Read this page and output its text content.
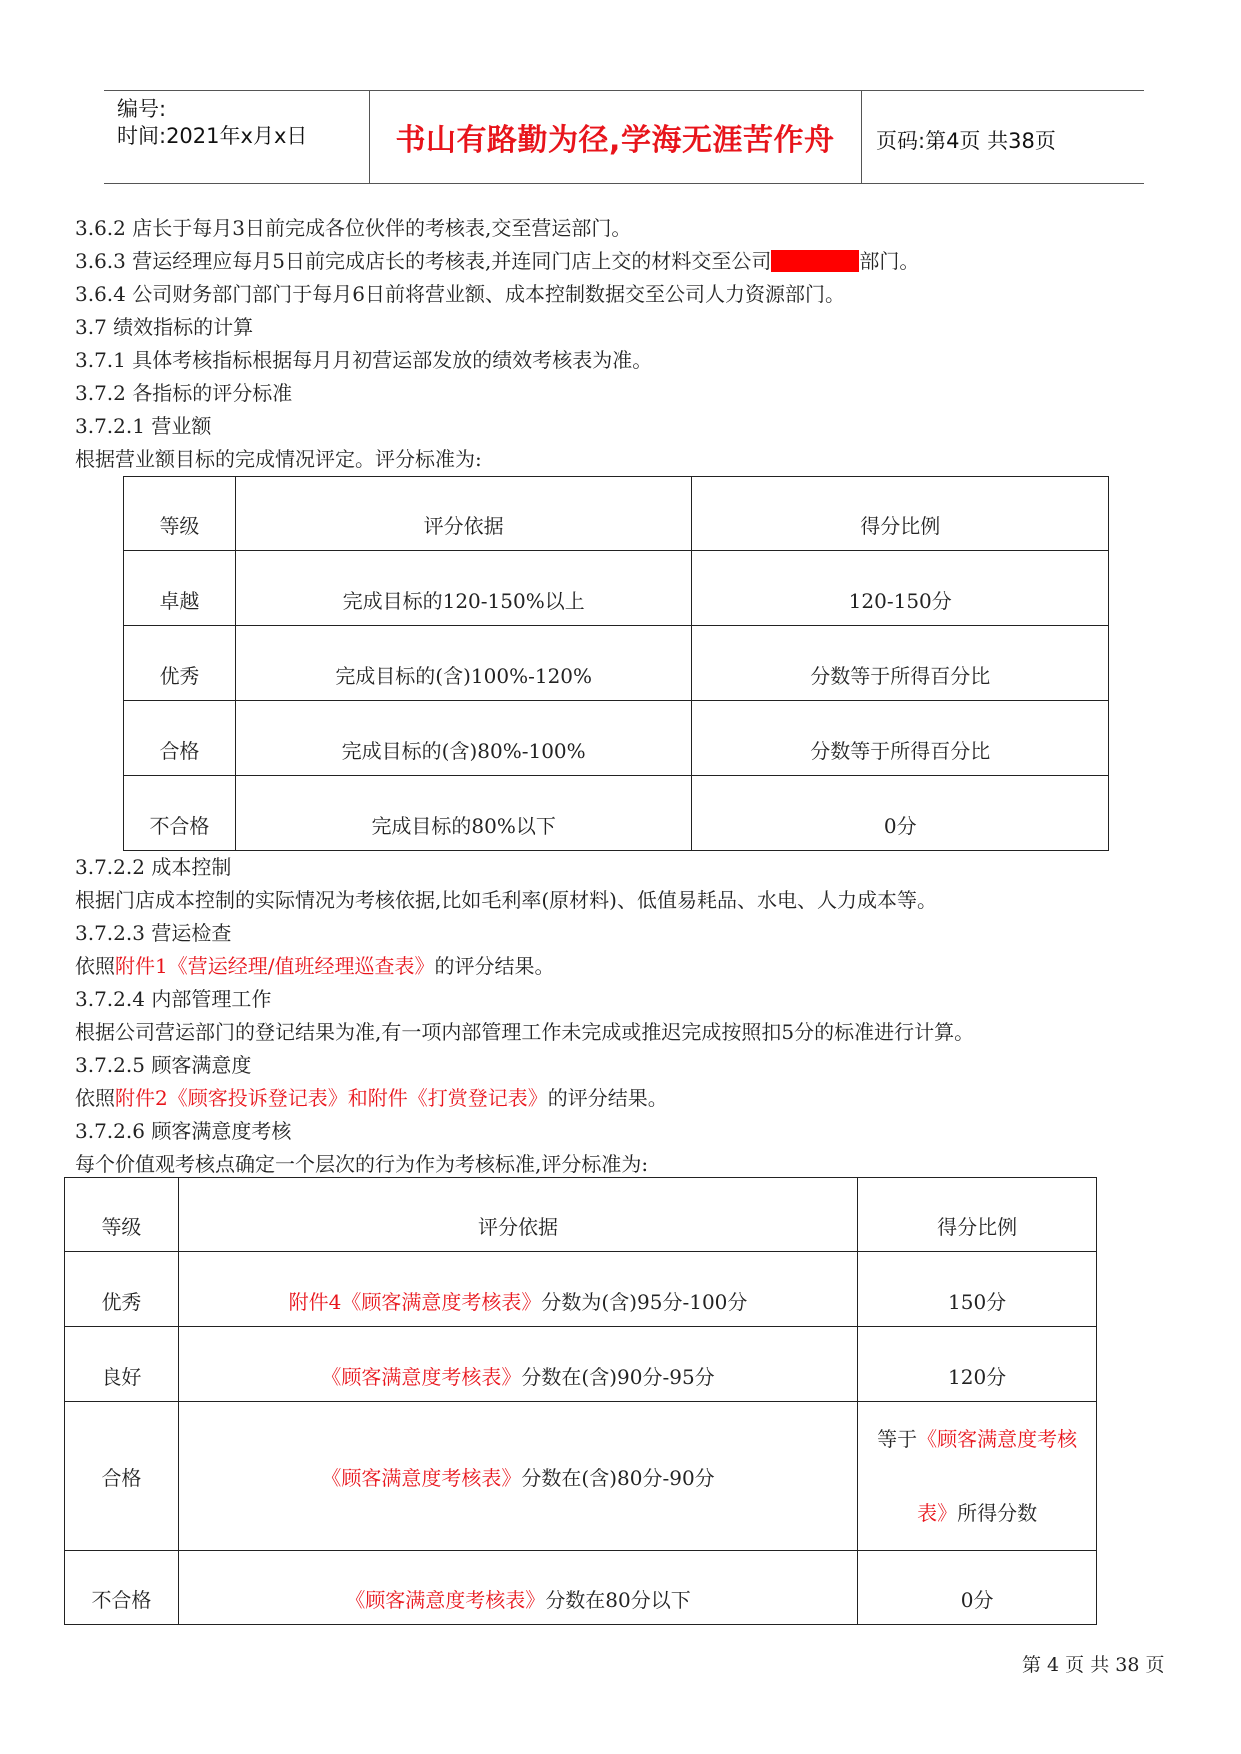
编号:
时间:2021年x月x日	书山有路勤为径,学海无涯苦作舟	页码:第4页 共38页
3.6.2 店长于每月3日前完成各位伙伴的考核表,交至营运部门。
3.6.3 营运经理应每月5日前完成店长的考核表,并连同门店上交的材料交至公司	部门。
3.6.4 公司财务部门部门于每月6日前将营业额、成本控制数据交至公司人力资源部门。
3.7 绩效指标的计算
3.7.1 具体考核指标根据每月月初营运部发放的绩效考核表为准。
3.7.2 各指标的评分标准
3.7.2.1 营业额
根据营业额目标的完成情况评定。评分标准为:
等级	评分依据	得分比例

卓越	完成目标的120-150%以上	120-150分

优秀	完成目标的(含)100%-120%	分数等于所得百分比

合格	完成目标的(含)80%-100%	分数等于所得百分比

不合格	完成目标的80%以下	0分
3.7.2.2 成本控制
根据门店成本控制的实际情况为考核依据,比如毛利率(原材料)、低值易耗品、水电、人力成本等。
3.7.2.3 营运检查
依照附件1《营运经理/值班经理巡查表》的评分结果。
3.7.2.4 内部管理工作
根据公司营运部门的登记结果为准,有一项内部管理工作未完成或推迟完成按照扣5分的标准进行计算。
3.7.2.5 顾客满意度
依照附件2《顾客投诉登记表》和附件《打赏登记表》的评分结果。
3.7.2.6 顾客满意度考核
每个价值观考核点确定一个层次的行为作为考核标准,评分标准为:
等级	评分依据	得分比例

优秀	附件4《顾客满意度考核表》分数为(含)95分-100分	150分

良好	《顾客满意度考核表》分数在(含)90分-95分	120分

合格	《顾客满意度考核表》分数在(含)80分-90分	等于《顾客满意度考核
表》所得分数

不合格	《顾客满意度考核表》分数在80分以下	0分
第 4 页 共 38 页
